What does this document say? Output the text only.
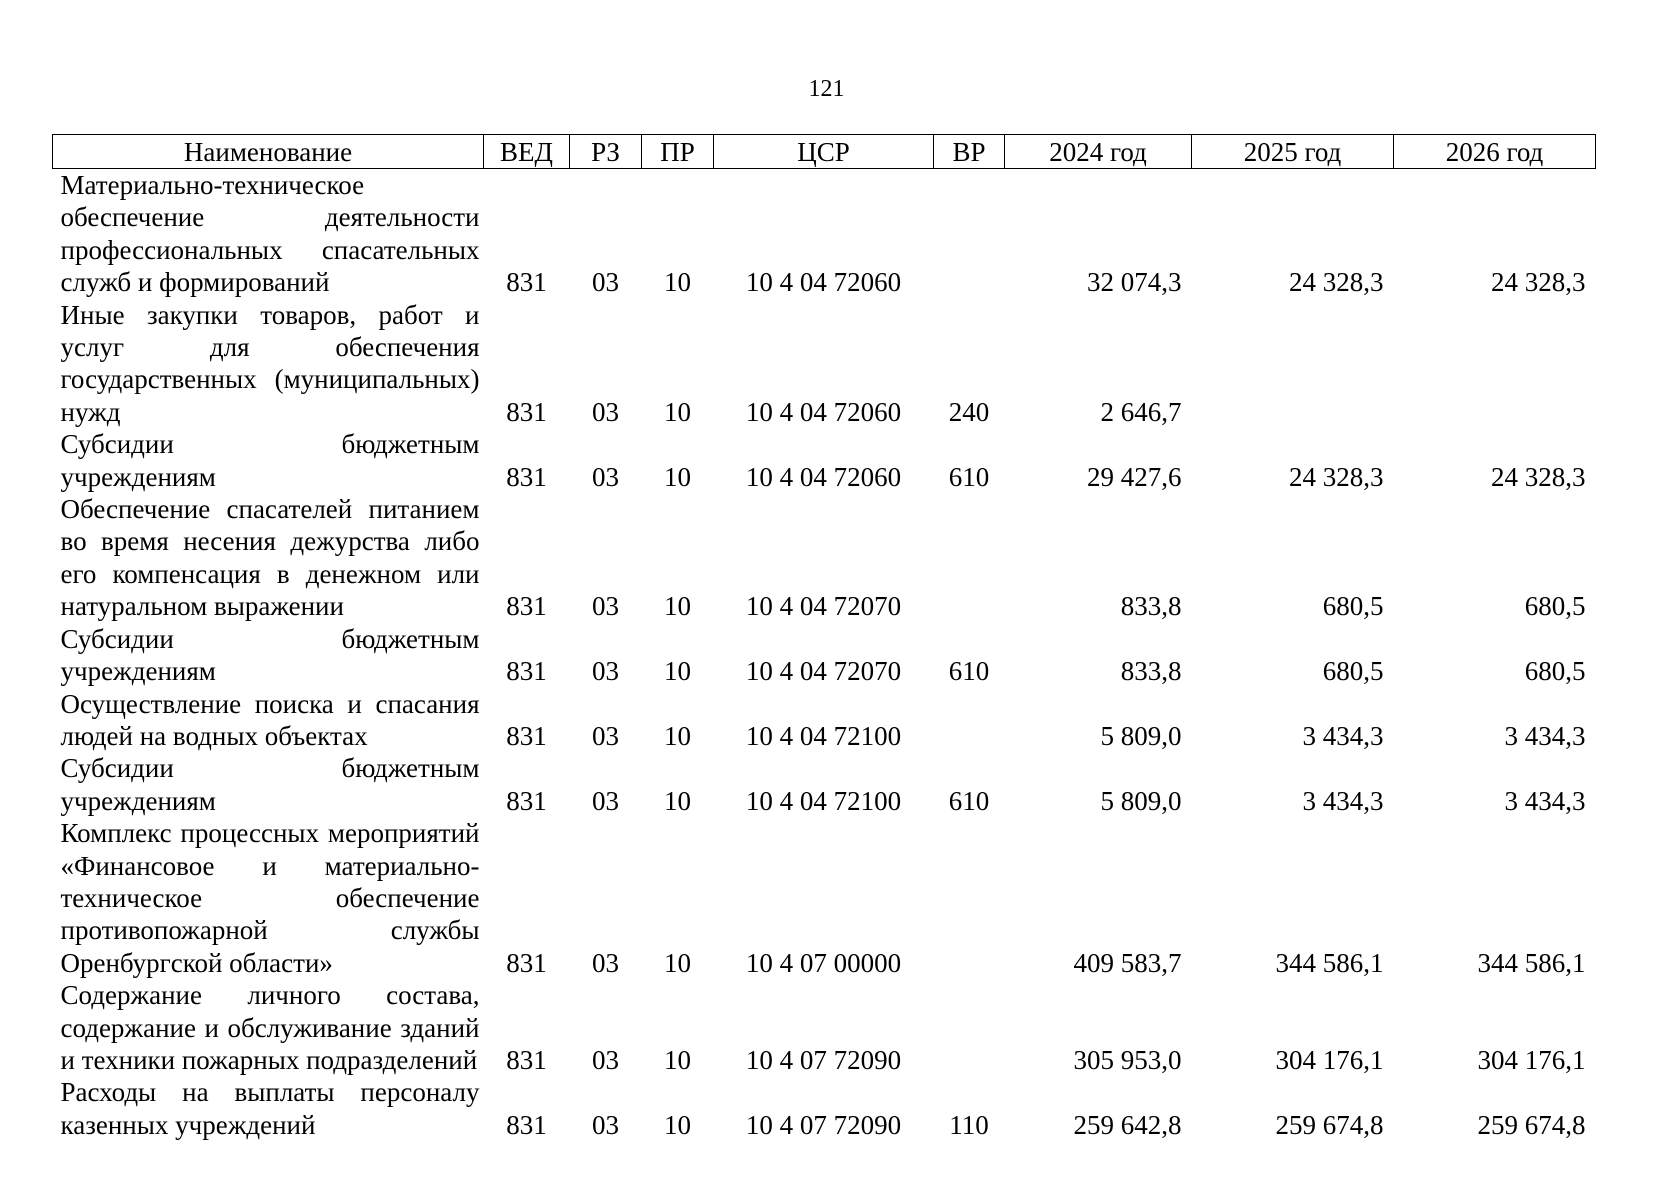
121
Наименование	ВЕД	РЗ	ПР	ЦСР	ВР	2024 год	2025 год	2026 год
Материально-техническое обеспечение деятельности профессиональных спасательных служб и формирований	831	03	10	10 4 04 72060		32 074,3	24 328,3	24 328,3
Иные закупки товаров, работ и услуг для обеспечения государственных (муниципальных) нужд	831	03	10	10 4 04 72060	240	2 646,7		
Субсидии бюджетным учреждениям	831	03	10	10 4 04 72060	610	29 427,6	24 328,3	24 328,3
Обеспечение спасателей питанием во время несения дежурства либо его компенсация в денежном или натуральном выражении	831	03	10	10 4 04 72070		833,8	680,5	680,5
Субсидии бюджетным учреждениям	831	03	10	10 4 04 72070	610	833,8	680,5	680,5
Осуществление поиска и спасания людей на водных объектах	831	03	10	10 4 04 72100		5 809,0	3 434,3	3 434,3
Субсидии бюджетным учреждениям	831	03	10	10 4 04 72100	610	5 809,0	3 434,3	3 434,3
Комплекс процессных мероприятий «Финансовое и материально-техническое обеспечение противопожарной службы Оренбургской области»	831	03	10	10 4 07 00000		409 583,7	344 586,1	344 586,1
Содержание личного состава, содержание и обслуживание зданий и техники пожарных подразделений	831	03	10	10 4 07 72090		305 953,0	304 176,1	304 176,1
Расходы на выплаты персоналу казенных учреждений	831	03	10	10 4 07 72090	110	259 642,8	259 674,8	259 674,8
